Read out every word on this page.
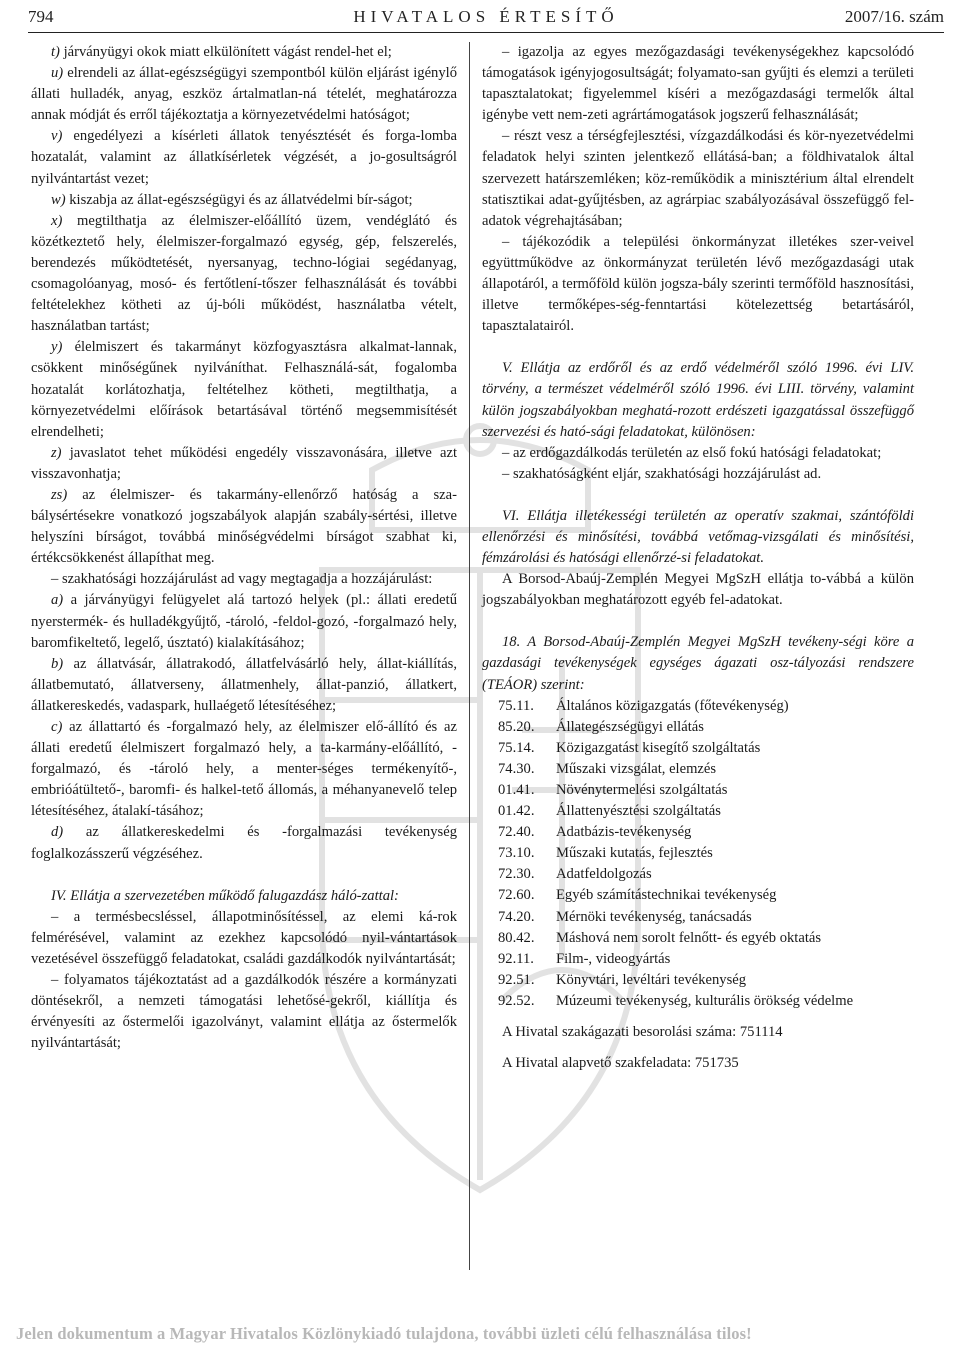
794	HIVATALOS ÉRTESÍTŐ	2007/16. szám

t) járványügyi okok miatt elkülönített vágást rendel-het el;

u) elrendeli az állat-egészségügyi szempontból külön eljárást igénylő állati hulladék, anyag, eszköz ártalmatlan-ná tételét, meghatározza annak módját és erről tájékoztatja a környezetvédelmi hatóságot;

v) engedélyezi a kísérleti állatok tenyésztését és forga-lomba hozatalát, valamint az állatkísérletek végzését, a jo-gosultságról nyilvántartást vezet;

w) kiszabja az állat-egészségügyi és az állatvédelmi bír-ságot;

x) megtilthatja az élelmiszer-előállító üzem, vendéglátó és közétkeztető hely, élelmiszer-forgalmazó egység, gép, felszerelés, berendezés működtetését, nyersanyag, techno-lógiai segédanyag, csomagolóanyag, mosó- és fertőtlení-tőszer felhasználását és további feltételekhez kötheti az új-bóli működést, használatba vételt, használatban tartást;

y) élelmiszert és takarmányt közfogyasztásra alkalmat-lannak, csökkent minőségűnek nyilváníthat. Felhasználá-sát, fogalomba hozatalát korlátozhatja, feltételhez kötheti, megtilthatja, a környezetvédelmi előírások betartásával történő megsemmisítését elrendelheti;

z) javaslatot tehet működési engedély visszavonására, illetve azt visszavonhatja;

zs) az élelmiszer- és takarmány-ellenőrző hatóság a sza-bálysértésekre vonatkozó jogszabályok alapján szabály-sértési, illetve helyszíni bírságot, továbbá minőségvédelmi bírságot szabhat ki, értékcsökkenést állapíthat meg.

– szakhatósági hozzájárulást ad vagy megtagadja a hozzájárulást:

a) a járványügyi felügyelet alá tartozó helyek (pl.: állati eredetű nyerstermék- és hulladékgyűjtő, -tároló, -feldol-gozó, -forgalmazó hely, baromfikeltető, legelő, úsztató) kialakításához;

b) az állatvásár, állatrakodó, állatfelvásárló hely, állat-kiállítás, állatbemutató, állatverseny, állatmenhely, állat-panzió, állatkert, állatkereskedés, vadaspark, hullaégető létesítéséhez;

c) az állattartó és -forgalmazó hely, az élelmiszer elő-állító és az állati eredetű élelmiszert forgalmazó hely, a ta-karmány-előállító, -forgalmazó, és -tároló hely, a menter-séges termékenyítő-, embrióátültető-, baromfi- és halkel-tető állomás, a méhanyanevelő telep létesítéséhez, átalakí-tásához;

d) az állatkereskedelmi és -forgalmazási tevékenység foglalkozásszerű végzéséhez.

IV. Ellátja a szervezetében működő falugazdász háló-zattal:

– a termésbecsléssel, állapotminősítéssel, az elemi ká-rok felmérésével, valamint az ezekhez kapcsolódó nyil-vántartások vezetésével összefüggő feladatokat, családi gazdálkodók nyilvántartását;

– folyamatos tájékoztatást ad a gazdálkodók részére a kormányzati döntésekről, a nemzeti támogatási lehetősé-gekről, kiállítja és érvényesíti az őstermelői igazolványt, valamint ellátja az őstermelők nyilvántartását;

– igazolja az egyes mezőgazdasági tevékenységekhez kapcsolódó támogatások igényjogosultságát; folyamato-san gyűjti és elemzi a területi tapasztalatokat; figyelemmel kíséri a mezőgazdasági termelők által igénybe vett nem-zeti agrártámogatások jogszerű felhasználását;

– részt vesz a térségfejlesztési, vízgazdálkodási és kör-nyezetvédelmi feladatok helyi szinten jelentkező ellátásá-ban; a földhivatalok által szervezett határszemléken; köz-reműködik a minisztérium által elrendelt statisztikai adat-gyűjtésben, az agrárpiac szabályozásával összefüggő fel-adatok végrehajtásában;

– tájékozódik a települési önkormányzat illetékes szer-veivel együttműködve az önkormányzat területén lévő mezőgazdasági utak állapotáról, a termőföld külön jogsza-bály szerinti termőföld hasznosítási, illetve termőképes-ség-fenntartási kötelezettség betartásáról, tapasztalatairól.

V. Ellátja az erdőről és az erdő védelméről szóló 1996. évi LIV. törvény, a természet védelméről szóló 1996. évi LIII. törvény, valamint külön jogszabályokban meghatá-rozott erdészeti igazgatással összefüggő szervezési és ható-sági feladatokat, különösen:

– az erdőgazdálkodás területén az első fokú hatósági feladatokat;

– szakhatóságként eljár, szakhatósági hozzájárulást ad.

VI. Ellátja illetékességi területén az operatív szakmai, szántóföldi ellenőrzési és minősítési, továbbá vetőmag-vizsgálati és minősítési, fémzárolási és hatósági ellenőrzé-si feladatokat.

A Borsod-Abaúj-Zemplén Megyei MgSzH ellátja to-vábbá a külön jogszabályokban meghatározott egyéb fel-adatokat.

18. A Borsod-Abaúj-Zemplén Megyei MgSzH tevékeny-ségi köre a gazdasági tevékenységek egységes ágazati osz-tályozási rendszere (TEÁOR) szerint:

75.11.	Általános közigazgatás (főtevékenység)
85.20.	Állategészségügyi ellátás
75.14.	Közigazgatást kisegítő szolgáltatás
74.30.	Műszaki vizsgálat, elemzés
01.41.	Növénytermelési szolgáltatás
01.42.	Állattenyésztési szolgáltatás
72.40.	Adatbázis-tevékenység
73.10.	Műszaki kutatás, fejlesztés
72.30.	Adatfeldolgozás
72.60.	Egyéb számítástechnikai tevékenység
74.20.	Mérnöki tevékenység, tanácsadás
80.42.	Máshová nem sorolt felnőtt- és egyéb oktatás
92.11.	Film-, videogyártás
92.51.	Könyvtári, levéltári tevékenység
92.52.	Múzeumi tevékenység, kulturális örökség védelme

A Hivatal szakágazati besorolási száma: 751114

A Hivatal alapvető szakfeladata: 751735

Jelen dokumentum a Magyar Hivatalos Közlönykiadó tulajdona, további üzleti célú felhasználása tilos!
